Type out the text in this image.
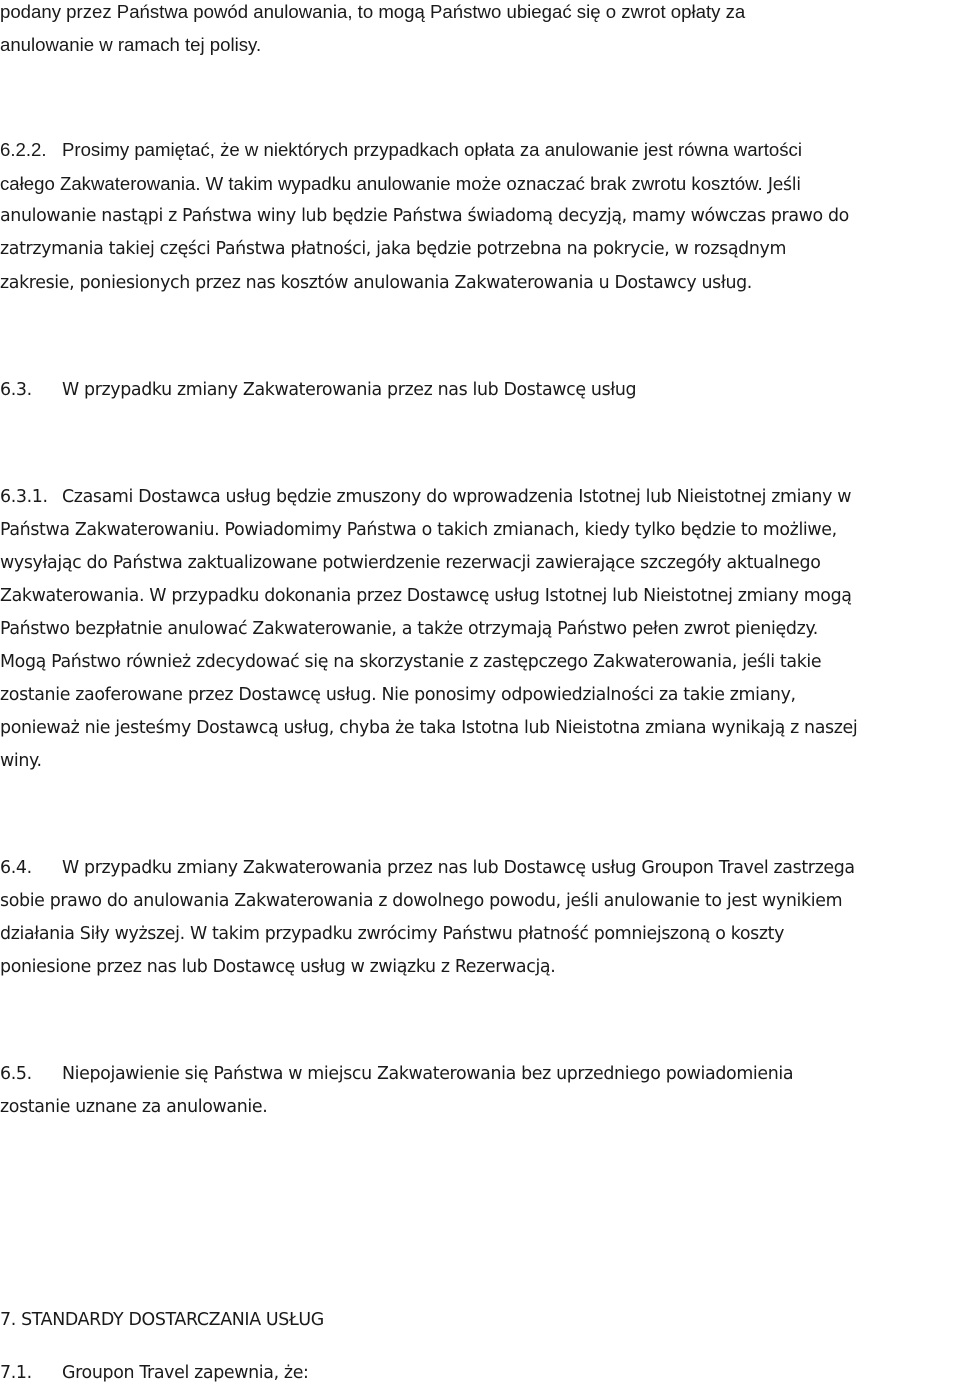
podany przez Państwa powód anulowania, to mogą Państwo ubiegać się o zwrot opłaty za
anulowanie w ramach tej polisy.
6.2.2. Prosimy pamiętać, że w niektórych przypadkach opłata za anulowanie jest równa wartości
całego Zakwaterowania. W takim wypadku anulowanie może oznaczać brak zwrotu kosztów. Jeśli
anulowanie nastąpi z Państwa winy lub będzie Państwa świadomą decyzją, mamy wówczas prawo do
zatrzymania takiej części Państwa płatności, jaka będzie potrzebna na pokrycie, w rozsądnym
zakresie, poniesionych przez nas kosztów anulowania Zakwaterowania u Dostawcy usług.
6.3. W przypadku zmiany Zakwaterowania przez nas lub Dostawcę usług
6.3.1. Czasami Dostawca usług będzie zmuszony do wprowadzenia Istotnej lub Nieistotnej zmiany w
Państwa Zakwaterowaniu. Powiadomimy Państwa o takich zmianach, kiedy tylko będzie to możliwe,
wysyłając do Państwa zaktualizowane potwierdzenie rezerwacji zawierające szczegóły aktualnego
Zakwaterowania. W przypadku dokonania przez Dostawcę usług Istotnej lub Nieistotnej zmiany mogą
Państwo bezpłatnie anulować Zakwaterowanie, a także otrzymają Państwo pełen zwrot pieniędzy.
Mogą Państwo również zdecydować się na skorzystanie z zastępczego Zakwaterowania, jeśli takie
zostanie zaoferowane przez Dostawcę usług. Nie ponosimy odpowiedzialności za takie zmiany,
ponieważ nie jesteśmy Dostawcą usług, chyba że taka Istotna lub Nieistotna zmiana wynikają z naszej
winy.
6.4. W przypadku zmiany Zakwaterowania przez nas lub Dostawcę usług Groupon Travel zastrzega
sobie prawo do anulowania Zakwaterowania z dowolnego powodu, jeśli anulowanie to jest wynikiem
działania Siły wyższej. W takim przypadku zwrócimy Państwu płatność pomniejszoną o koszty
poniesione przez nas lub Dostawcę usług w związku z Rezerwacją.
6.5. Niepojawienie się Państwa w miejscu Zakwaterowania bez uprzedniego powiadomienia
zostanie uznane za anulowanie.
7. STANDARDY DOSTARCZANIA USŁUG
7.1. Groupon Travel zapewnia, że:
